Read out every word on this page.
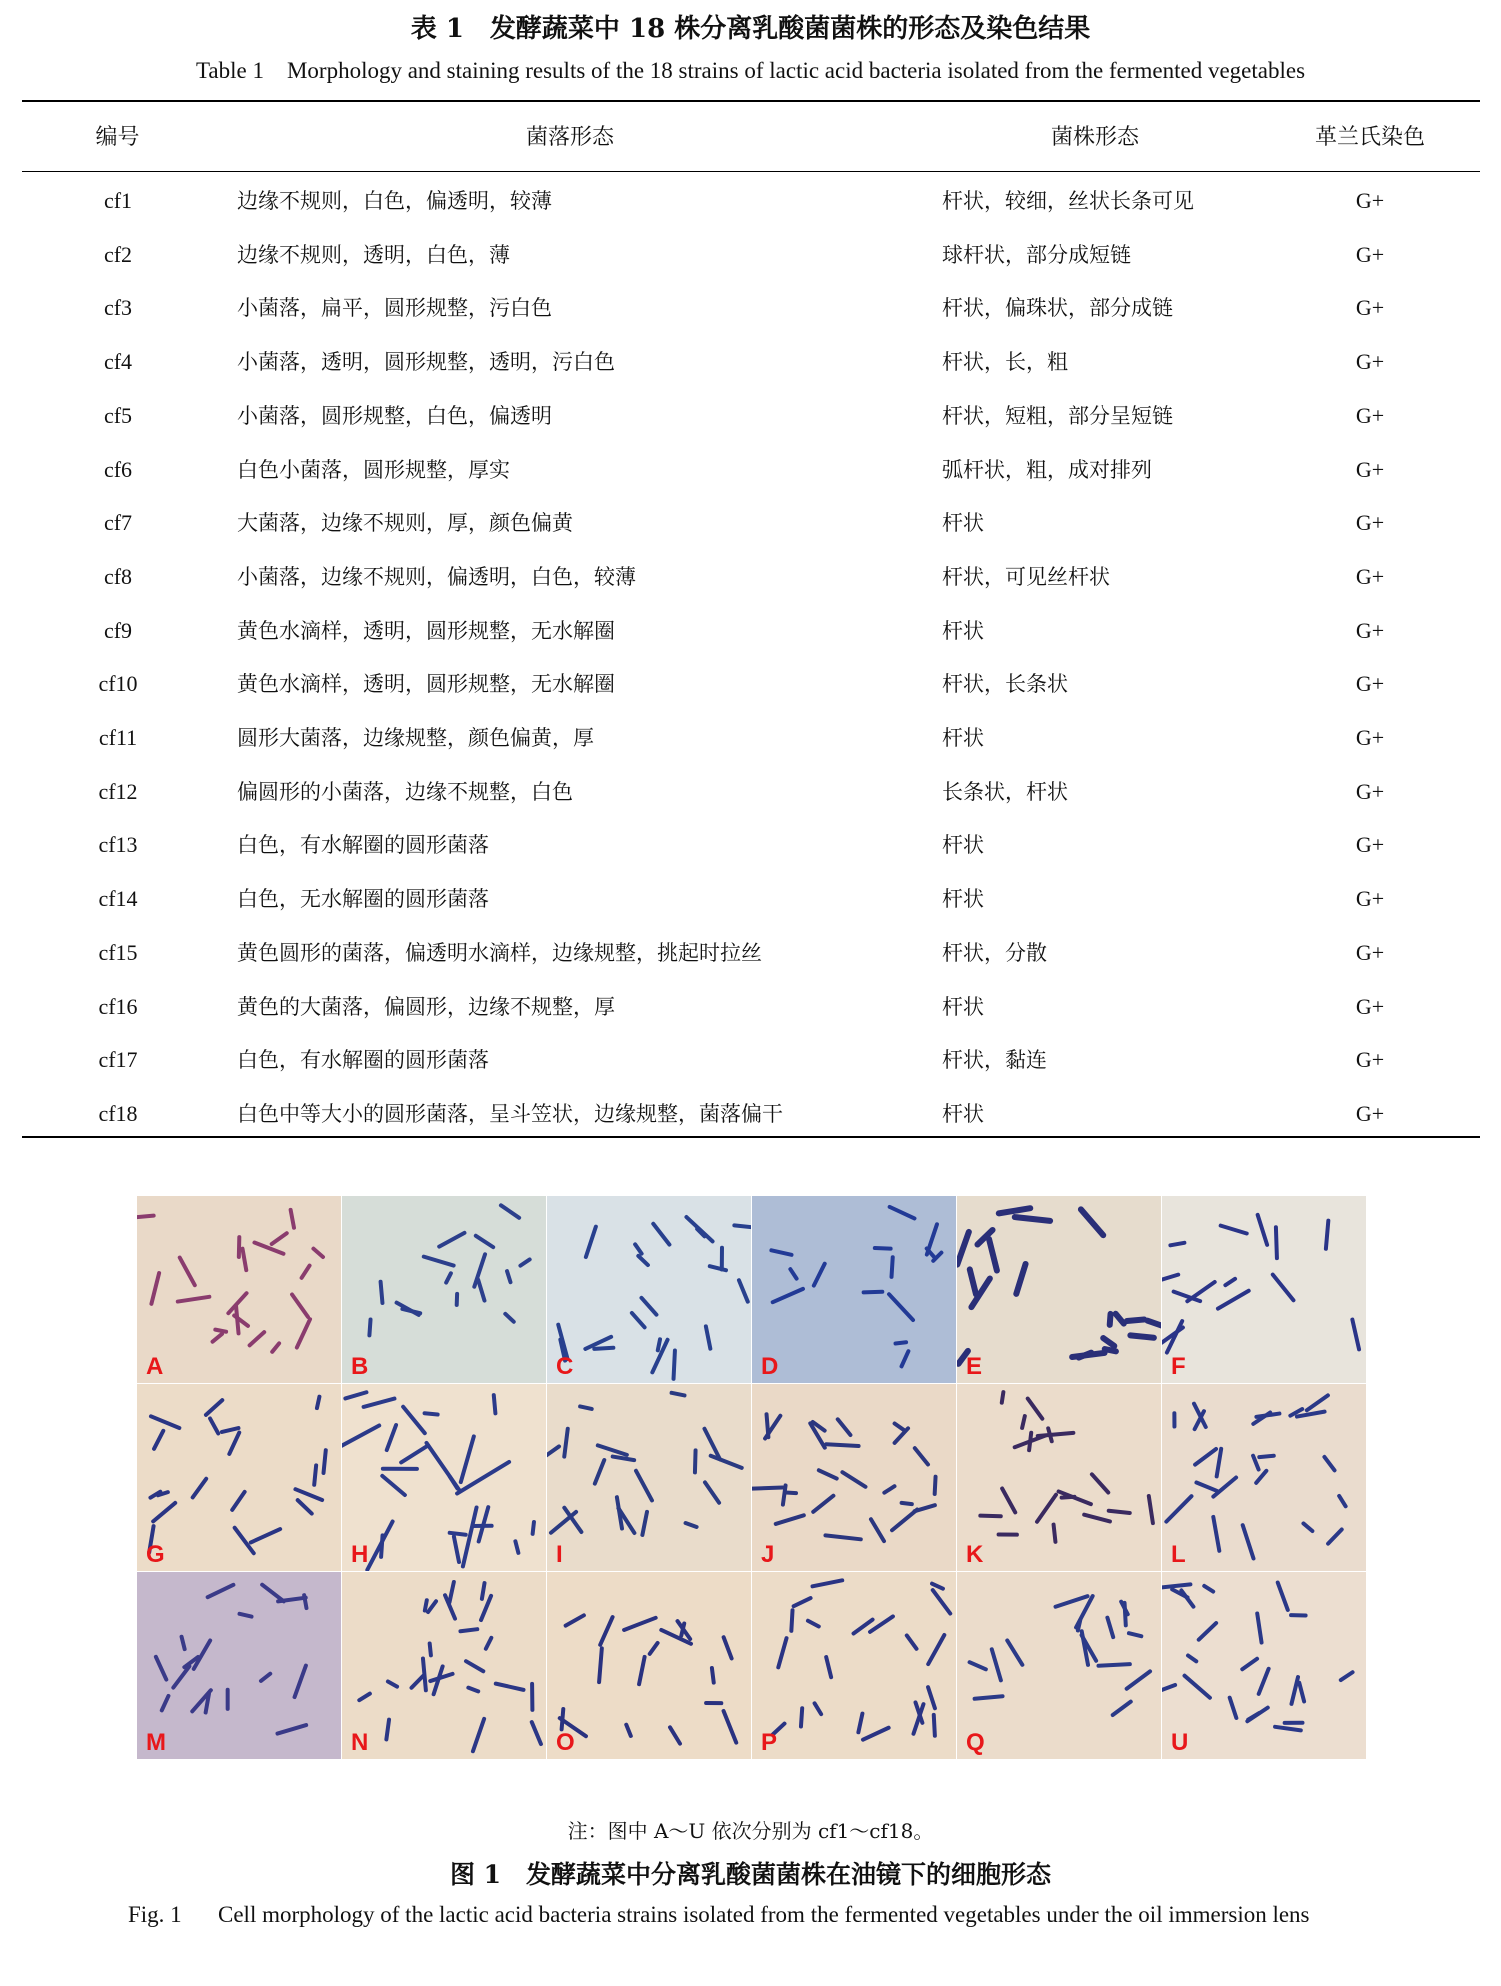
表 1　发酵蔬菜中 18 株分离乳酸菌菌株的形态及染色结果
Table 1　Morphology and staining results of the 18 strains of lactic acid bacteria isolated from the fermented vegetables
编号	菌落形态	菌株形态	革兰氏染色
cf1	边缘不规则，白色，偏透明，较薄	杆状，较细，丝状长条可见	G+
cf2	边缘不规则，透明，白色，薄	球杆状，部分成短链	G+
cf3	小菌落，扁平，圆形规整，污白色	杆状，偏珠状，部分成链	G+
cf4	小菌落，透明，圆形规整，透明，污白色	杆状，长，粗	G+
cf5	小菌落，圆形规整，白色，偏透明	杆状，短粗，部分呈短链	G+
cf6	白色小菌落，圆形规整，厚实	弧杆状，粗，成对排列	G+
cf7	大菌落，边缘不规则，厚，颜色偏黄	杆状	G+
cf8	小菌落，边缘不规则，偏透明，白色，较薄	杆状，可见丝杆状	G+
cf9	黄色水滴样，透明，圆形规整，无水解圈	杆状	G+
cf10	黄色水滴样，透明，圆形规整，无水解圈	杆状，长条状	G+
cf11	圆形大菌落，边缘规整，颜色偏黄，厚	杆状	G+
cf12	偏圆形的小菌落，边缘不规整，白色	长条状，杆状	G+
cf13	白色，有水解圈的圆形菌落	杆状	G+
cf14	白色，无水解圈的圆形菌落	杆状	G+
cf15	黄色圆形的菌落，偏透明水滴样，边缘规整，挑起时拉丝	杆状，分散	G+
cf16	黄色的大菌落，偏圆形，边缘不规整，厚	杆状	G+
cf17	白色，有水解圈的圆形菌落	杆状，黏连	G+
cf18	白色中等大小的圆形菌落，呈斗笠状，边缘规整，菌落偏干	杆状	G+
A	B	C	D	E	F
G	H	I	J	K	L
M	N	O	P	Q	U
注：图中 A～U 依次分别为 cf1～cf18。
图 1　发酵蔬菜中分离乳酸菌菌株在油镜下的细胞形态
Fig. 1 Cell morphology of the lactic acid bacteria strains isolated from the fermented vegetables under the oil immersion lens
